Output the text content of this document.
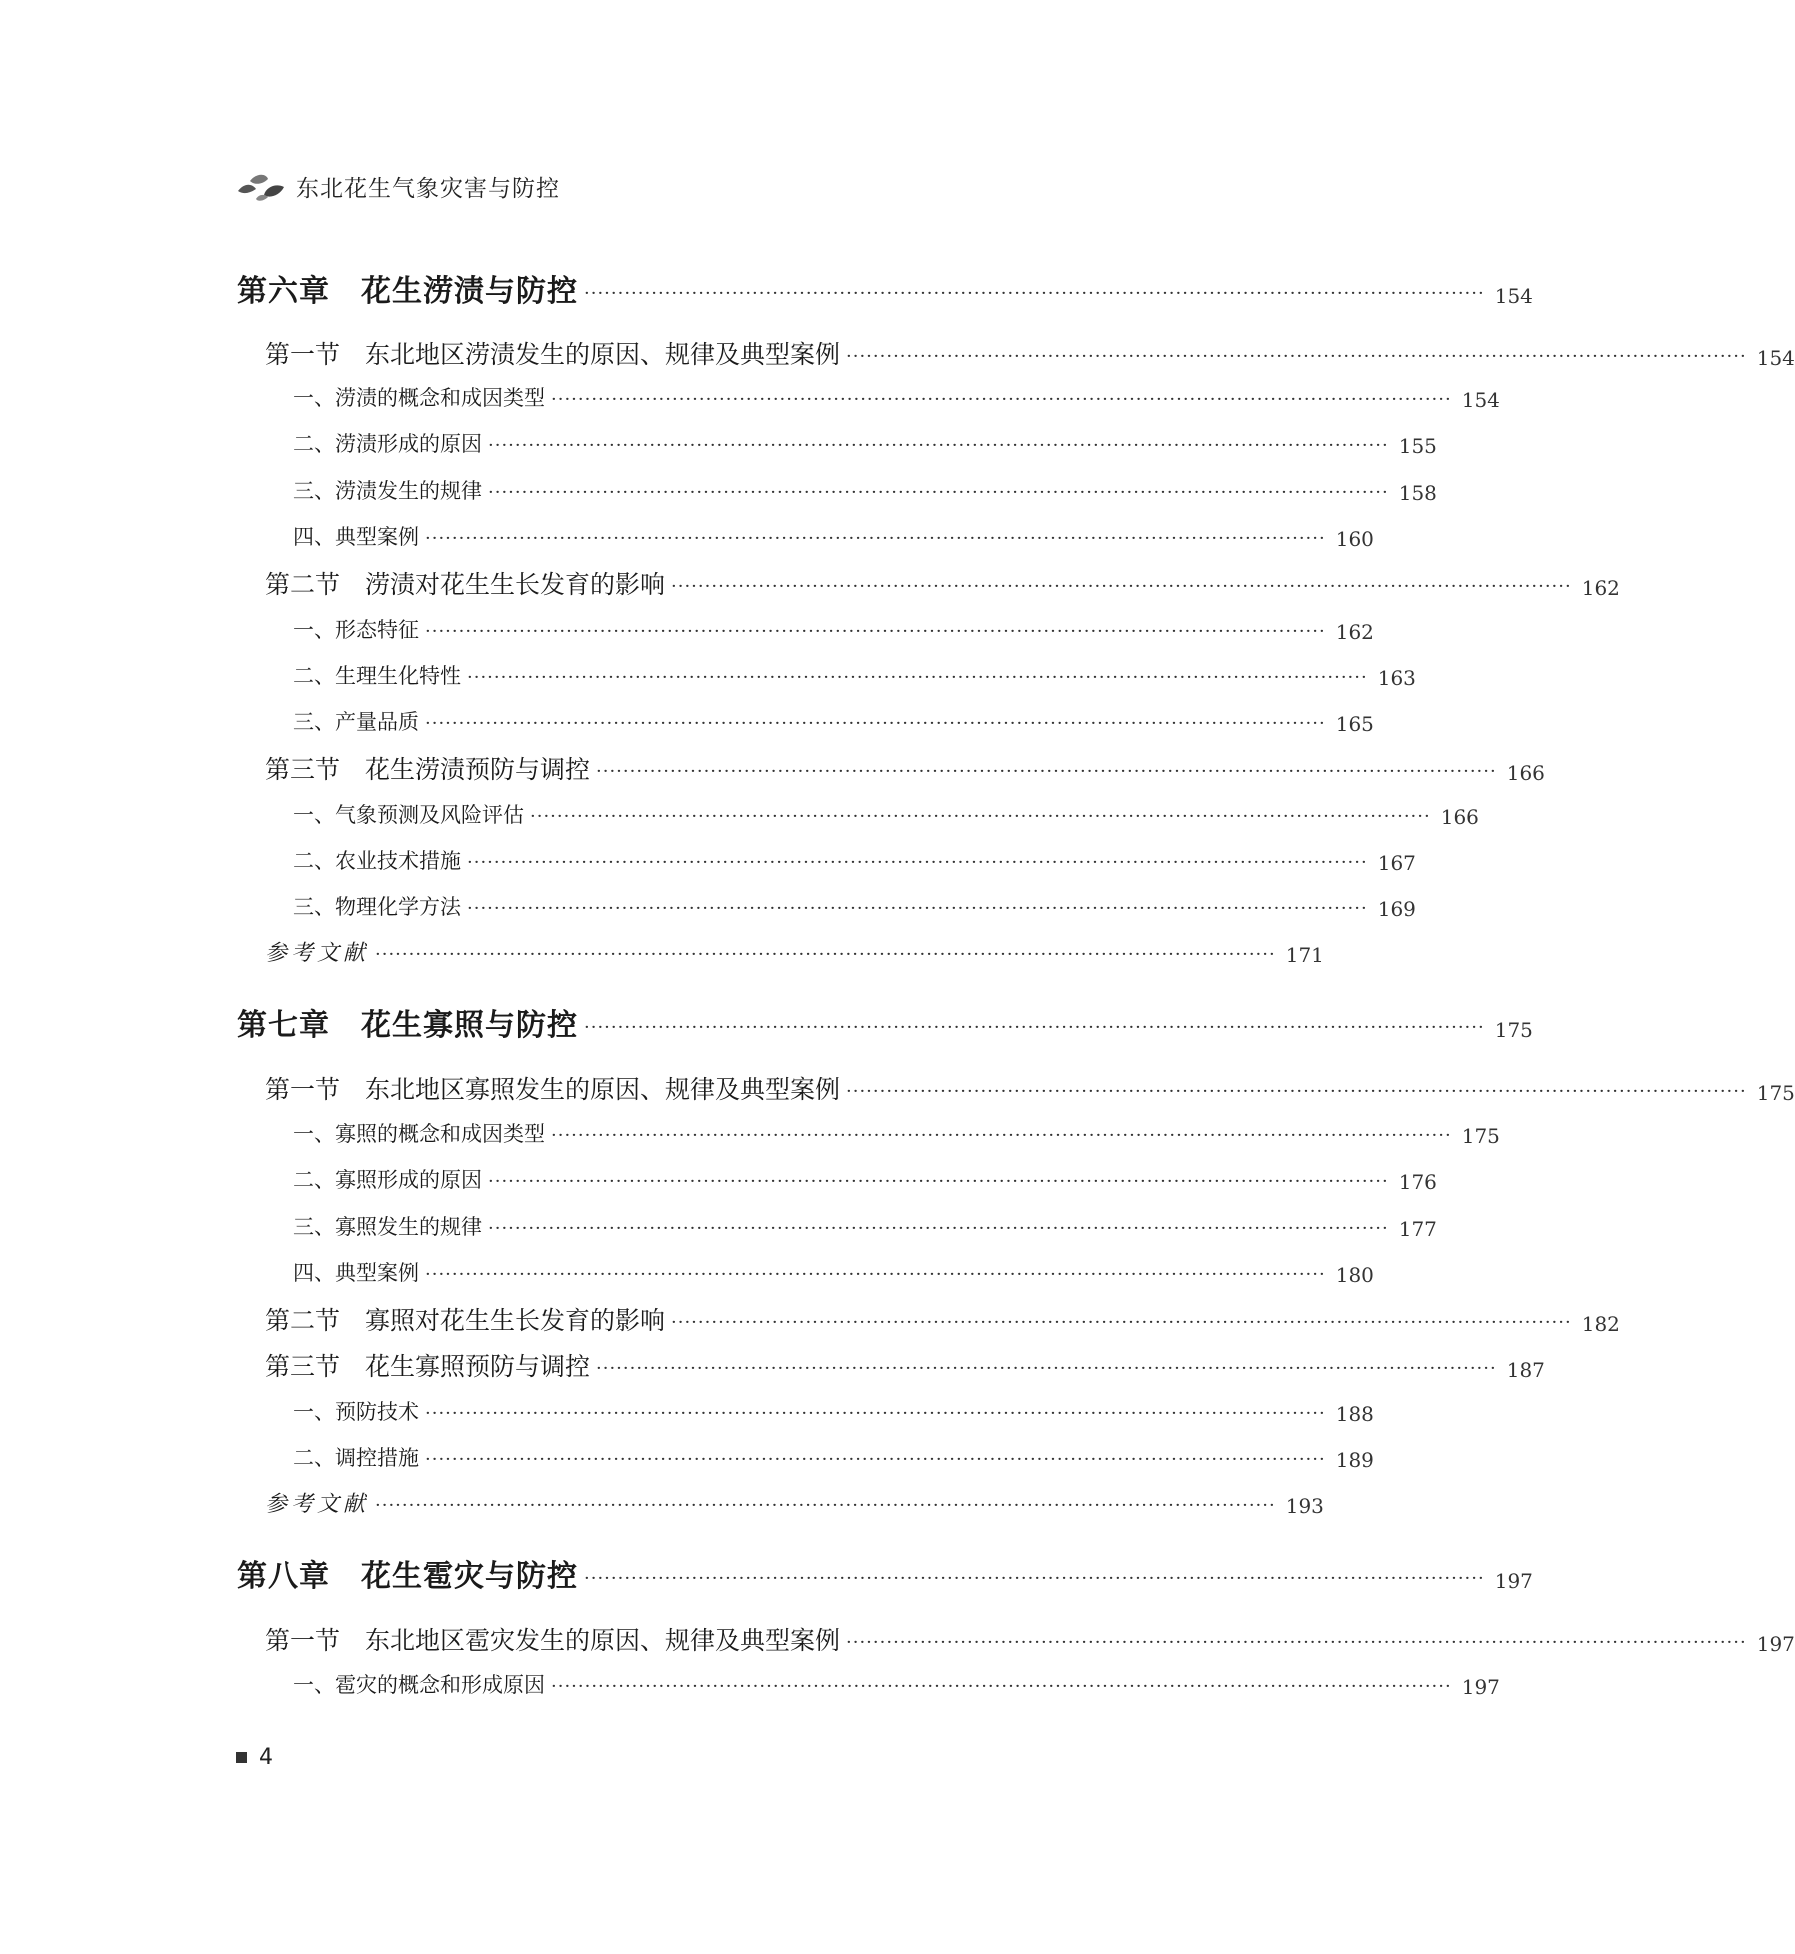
东北花生气象灾害与防控
第六章　花生涝渍与防控 ······································································································································ 154
第一节　东北地区涝渍发生的原因、规律及典型案例 ······································································································································ 154
一、涝渍的概念和成因类型 ······································································································································ 154
二、涝渍形成的原因 ······································································································································ 155
三、涝渍发生的规律 ······································································································································ 158
四、典型案例 ······································································································································ 160
第二节　涝渍对花生生长发育的影响 ······································································································································ 162
一、形态特征 ······································································································································ 162
二、生理生化特性 ······································································································································ 163
三、产量品质 ······································································································································ 165
第三节　花生涝渍预防与调控 ······································································································································ 166
一、气象预测及风险评估 ······································································································································ 166
二、农业技术措施 ······································································································································ 167
三、物理化学方法 ······································································································································ 169
参考文献 ······································································································································ 171
第七章　花生寡照与防控 ······································································································································ 175
第一节　东北地区寡照发生的原因、规律及典型案例 ······································································································································ 175
一、寡照的概念和成因类型 ······································································································································ 175
二、寡照形成的原因 ······································································································································ 176
三、寡照发生的规律 ······································································································································ 177
四、典型案例 ······································································································································ 180
第二节　寡照对花生生长发育的影响 ······································································································································ 182
第三节　花生寡照预防与调控 ······································································································································ 187
一、预防技术 ······································································································································ 188
二、调控措施 ······································································································································ 189
参考文献 ······································································································································ 193
第八章　花生雹灾与防控 ······································································································································ 197
第一节　东北地区雹灾发生的原因、规律及典型案例 ······································································································································ 197
一、雹灾的概念和形成原因 ······································································································································ 197
4
